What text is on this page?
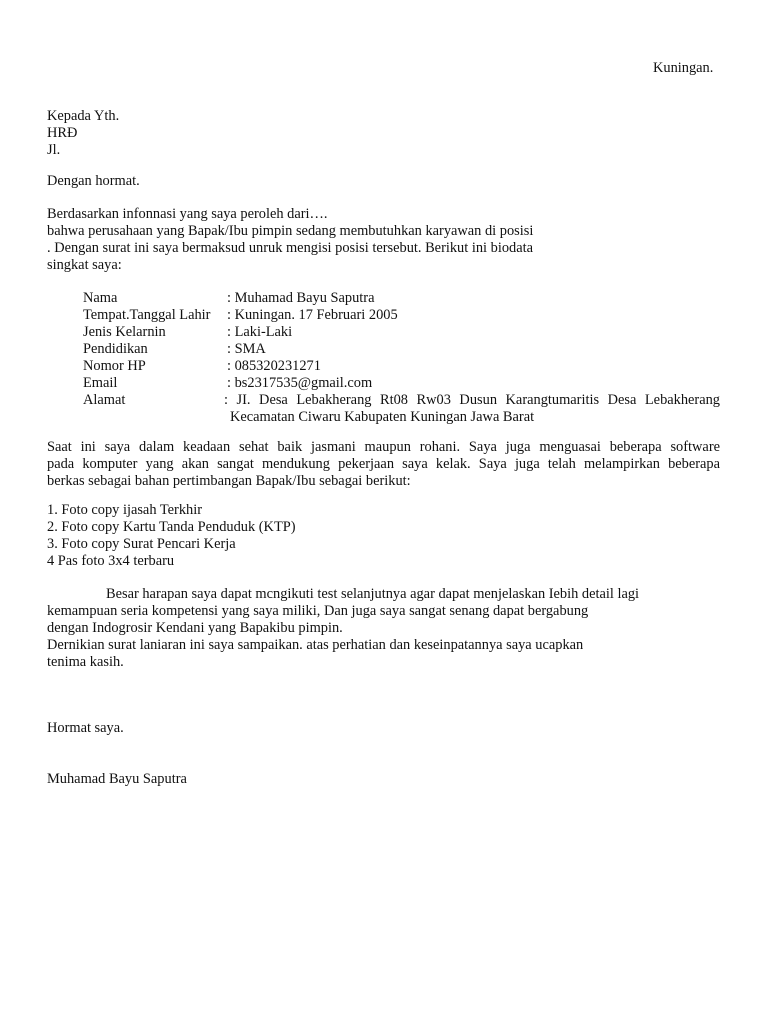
Kuningan.
Kepada Yth.
HRĐ
Jl.
Dengan hormat.
Berdasarkan infonnasi yang saya peroleh dari….
bahwa perusahaan yang Bapak/Ibu pimpin sedang membutuhkan karyawan di posisi
. Dengan surat ini saya bermaksud unruk mengisi posisi tersebut. Berikut ini biodata
singkat saya:
Nama	: Muhamad Bayu Saputra
Tempat.Tanggal Lahir : Kuningan. 17 Februari 2005
Jenis Kelarnin	: Laki-Laki
Pendidikan	: SMA
Nomor HP	: 085320231271
Email	: bs2317535@gmail.com
Alamat	: JI. Desa Lebakherang Rt08 Rw03 Dusun Karangtumaritis Desa Lebakherang
Kecamatan Ciwaru Kabupaten Kuningan Jawa Barat
Saat ini saya dalam keadaan sehat baik jasmani maupun rohani. Saya juga menguasai beberapa software
pada komputer yang akan sangat mendukung pekerjaan saya kelak. Saya juga telah melampirkan beberapa
berkas sebagai bahan pertimbangan Bapak/Ibu sebagai berikut:
1. Foto copy ijasah Terkhir
2. Foto copy Kartu Tanda Penduduk (KTP)
3. Foto copy Surat Pencari Kerja
4 Pas foto 3x4 terbaru
Besar harapan saya dapat mcngikuti test selanjutnya agar dapat menjelaskan Iebih detail lagi
kemampuan seria kompetensi yang saya miliki, Dan juga saya sangat senang dapat bergabung
dengan Indogrosir Kendani yang Bapakibu pimpin.
Dernikian surat laniaran ini saya sampaikan. atas perhatian dan keseinpatannya saya ucapkan
tenima kasih.
Hormat saya.
Muhamad Bayu Saputra
